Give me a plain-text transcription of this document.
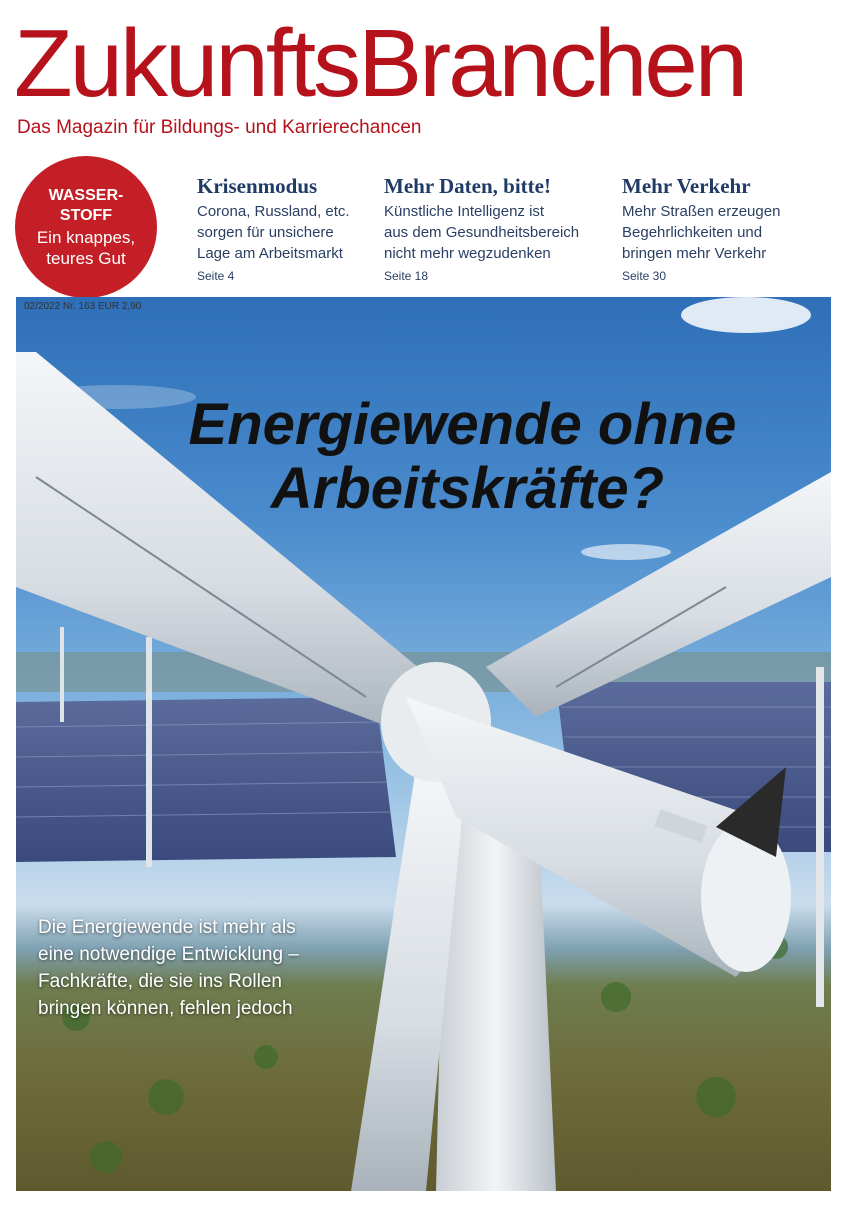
ZukunftsBranchen
Das Magazin für Bildungs- und Karrierechancen
WASSER-
STOFF
Ein knappes,
teures Gut
Krisenmodus
Corona, Russland, etc.
sorgen für unsichere
Lage am Arbeitsmarkt
Seite 4
Mehr Daten, bitte!
Künstliche Intelligenz ist
aus dem Gesundheitsbereich
nicht mehr wegzudenken
Seite 18
Mehr Verkehr
Mehr Straßen erzeugen
Begehrlichkeiten und
bringen mehr Verkehr
Seite 30
02/2022 Nr. 163 EUR 2,90
Energiewende ohne
Arbeitskräfte?
Die Energiewende ist mehr als
eine notwendige Entwicklung –
Fachkräfte, die sie ins Rollen
bringen können, fehlen jedoch
